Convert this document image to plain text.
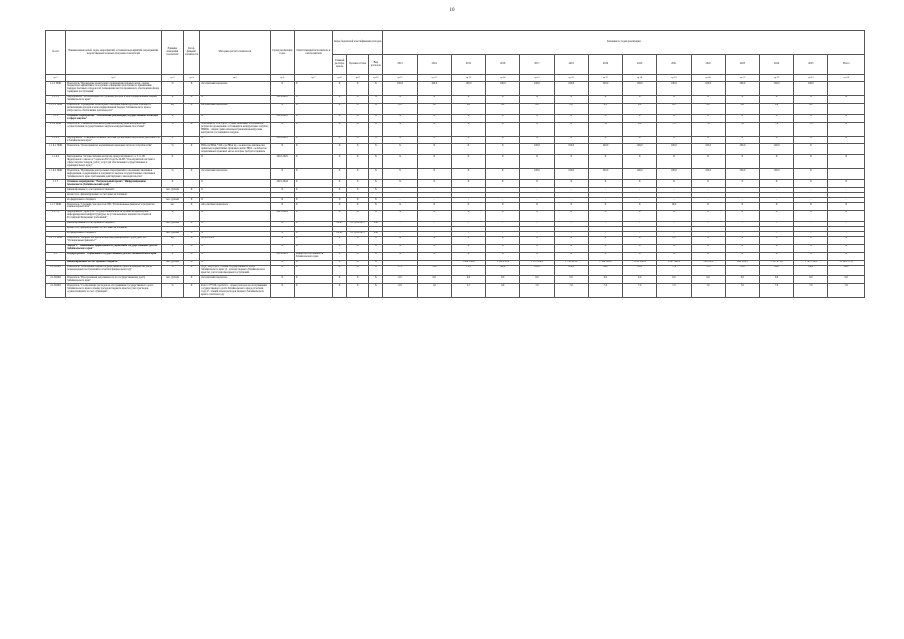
10
№ п/п	Наименование целей, задач, мероприятий, основных мероприятий, мероприятий, ведомственных целевых программ, показателей	Единица измерения показателя	Коэф- фициент значимости	Методика расчета показателя	Сроки реализации годы	Ответственный исполнитель и соисполнители	Коды бюджетной классификации расходов			Значения по годам реализации													
							Главный распоря- дитель	Целевая статья	Вид расходов	2013	2014	2015	2016	2017	2018	2019	2020	2021	2022	2023	2024	2025	Итого
гр.1	гр.2	гр.3	гр.4	гр.5	гр.6	гр.7	гр.8	гр.9	гр.10	гр.11	гр.12	гр.13	гр.14	гр.15	гр.16	гр.17	гр.18	гр.19	гр.20	гр.21	гр.22	гр.23	гр.24
1.1.5 ПОК	Показатель "Проведение мониторинга применения типовых актов, оценка бюджетной эффективности и уровня оснащения средствами по применению твердых бытовых отходов и их размещения местах временного обеспечения фонда тарифных поступлений"	%	Х	абсолютный показатель	Х	Х	Х	Х	Х	100,0	100,0	100,0	100,0	100,0	100,0	100,0	100,0	100,0	100,0	100,0	100,0	100,0	
1.1.5.1	Мероприятие "Мобилизация поступлений доходов в консолидированный бюджет Забайкальского края"	Х	Х	Х	2014-2025	Х	Х	Х	Х	Х	Х	Х	Х	Х	Х	Х	Х	Х	Х	Х	Х	Х	Х
1.1.5.1 ПОК	Показатель "Проведение мониторинга оказания Министерством помощи по мобилизации доходов в консолидированный бюджет Забайкальского края и вопросам по обеспечению деятельности"	ед.	Х	абсолютный показатель	Х	Х	Х	Х	Х	0,0	1,0	0,0	0,0	0,0	0,0	0,0	0,0	0,0	0,0	0,0	0,0	0,0	
1.1.6	Основное мероприятие "Обеспечение реализации государственной политики в сфере закупок"	Х		Х	2014-2025	Х	Х	Х	Х	Х	Х	Х	Х	Х	Х	Х	Х	Х	Х	Х	Х	Х	Х
1.1.6 ПОК	Показатель "Снижение начальной (максимальной) цены контракта при осуществлении государственных закупок конкурентными способами"	%	Х	Х=НМЦК/Ц*100, где Ц - сумма экономии, полученная в результате проведения состоявшихся конкурентных закупок; НМЦК - общая сумма начальной (максимальной) цены контрактов состоявшихся закупок	Х	Х	Х	Х	Х	Х	Х	Х	Х	Х	Х	7,0	6,0	7,0	7,0	7,0	7,0	7,0	Х
1.1.6.1	Мероприятие "Совершенствование системы организации закупочной деятельности в Забайкальском крае"	Х		Х	2016-2025	Х	Х	Х	Х	Х	Х	Х	Х	Х	Х	Х	Х	Х	Х	Х	Х	Х	Х
1.1.6.1 ПОК	Показатель "Доля принятых нормативных правовых актов по потребностям"	%	Х	НПА пр/НПА *100, где НПА пр - количество фактически принятых нормативных правовых актов; НПА - количество нормативных правовых актов, которые требуется принять	Х	Х	Х	Х	Х	Х	Х	Х	Х	100,0	100,0	100,0	100,0	100,0	100,0	100,0	100,0	Х	
1.1.6.2	Мероприятие "Осуществление контроля, предусмотренного ч. 5 ст. 99 Федерального закона от 5 апреля 2013 года № 44-ФЗ "О контрактной системе в сфере закупок товаров, работ, услуг для обеспечения государственных и муниципальных нужд"	Х		Х	2016-2025	Х	Х	Х	Х	Х	Х	Х	Х	Х	Х	Х	Х	Х	Х	Х	Х	Х	Х
1.1.6.2 ПОК	Показатель "Проведение контрольных мероприятий в отношении заказчиков информации, содержащейся в документах закупок государственных заказчиков Забайкальского края, требованиям действующего законодательства"	%	Х	абсолютный показатель	Х	Х	Х	Х	Х	Х	Х	Х	Х	100,0	100,0	100,0	100,0	100,0	100,0	100,0	100,0	Х	
1.1.7	Основное мероприятие "Региональный проект "Информационная безопасность (Забайкальский край)"	Х		Х	2021-2024	Х	Х	Х	Х	Х	Х	Х	Х	Х	Х	Х	Х	Х	Х	Х	Х	Х	Х
	финансирование за счет краевого бюджета	тыс. рублей	Х	Х	Х	Х	Х	Х	Х	-	-	-	-	-	-	-	-	-	-	-	-	-	-
	кроме того, финансирование за счет иных источников:																						
	из федерального бюджета	тыс. рублей	Х	Х	Х	Х	Х	Х	Х	-	-	-	-	-	-	-	-	-	-	-	-	-	-
1.1.7 ПОК	Показатель "Средний срок простоя ГИС "Региональные финансы" в результате компьютерных атак"	час	Х	Абсолютный показатель	Х	Х	Х	Х	Х	Х	Х	Х	Х	Х	Х	Х	Х	18,0	Х	Х	Х	Х	Х
1.1.7.1	Мероприятие "Доля ГИС государственной власти субъектов критической информационной инфраструктуры, не установленных значимости объектов Российской Федерации требований"	Х		Х	2021-2024	Х	Х	Х	Х	Х	Х	Х	Х	Х	Х	Х	Х	Х	Х	Х	Х	Х	Х
	финансирование за счет краевого бюджета	тыс. рублей	Х	Х	Х	Х	04 01	01 Д 02 0070	242	-	-	-	-	-	-	-	-	-	-	-	-	-	-
	кроме того, финансирование за счет иных источников:																						
	из федерального бюджета	тыс. рублей	Х	Х	Х	Х	04 01	01 Д 02 0070	242	-	-	-	-	-	-	-	-	-	-	-	-	-	-
1.1.7.1 ПОК	Показатель "Количество критической информационной структуры ГИС "Региональные финансы""	ед.	Х	Д=1/n Nn=0	Х	Х	Х	Х	Х	Х	Х	Х	Х	Х	Х	Х	Х	1,0	Х	Х	Х	Х	Х
	Задача 2. "Повышение эффективности управления государственным долгом Забайкальского края"	Х	Х	Х	Х	Х	Х	Х	Х	Х	Х	Х	Х	Х	Х	Х	Х	Х	Х	Х	Х	Х	Х
2.1	Подпрограмма "Управление государственным долгом Забайкальского края"	Х	Х	Х	2014-2025	Министерство финансов Забайкальского края	Х	Х	Х	Х	Х	Х	Х	Х	Х	Х	Х	Х	Х	Х	Х	Х	Х
	финансирование за счет краевого бюджета	тыс. рублей	Х	Х	Х	Х	Х	Х	Х			1 899 584,9	1 309 253,9	1 531 414,2	1 736 485,0	1 549 590,8	1 032 280,9	1 047 493,9	798 650,0	490 164,3	1 327 471,8	1 743 722,2	15 344 707,8
2.1.ПОК1	Показатель "Отношение объема государственного долга к доходам без учета безвозмездных поступлений в отчетном финансовом году"	%	Х	Д (Д*100), где Д - объем государственного долга Забайкальского края; Д - доходы бюджета Забайкальского края без учета безвозмездных поступлений	Х	Х	Х	Х	Х	57,1	76,0	75,5	98,9	100,0	100,0	89,0	83,9	77,0	71,0	70,0	69,0	68,0	69,0
2.1.ПОК2	Показатель "Просроченная задолженность по государственному долгу Забайкальского края"	тыс. рублей	Х	абсолютный показатель	Х	Х	Х	Х	Х	0,0	0,0	0,0	0,0	0,0	0,0	0,0	0,0	0,0	0,0	0,0	0,0	0,0	0,0
2.1.ПОК3	Показатель "Соотношение расходов на обслуживание государственного долга Забайкальского края к объему расходов бюджета края без учета расходов, осуществляемых за счет субвенций"	%	Х	Робсл / Р*100, где Робсл - объем расходов на обслуживание государственного долга Забайкальского края в отчетном году; Р - общий объем расходов бюджета Забайкальского края в отчетном году	Х	Х	Х	Х	Х	0,9	1,0	2,7	4,9	7,0	7,0	7,0	7,0	7,0	7,0	7,0	7,0	7,0	7,0
